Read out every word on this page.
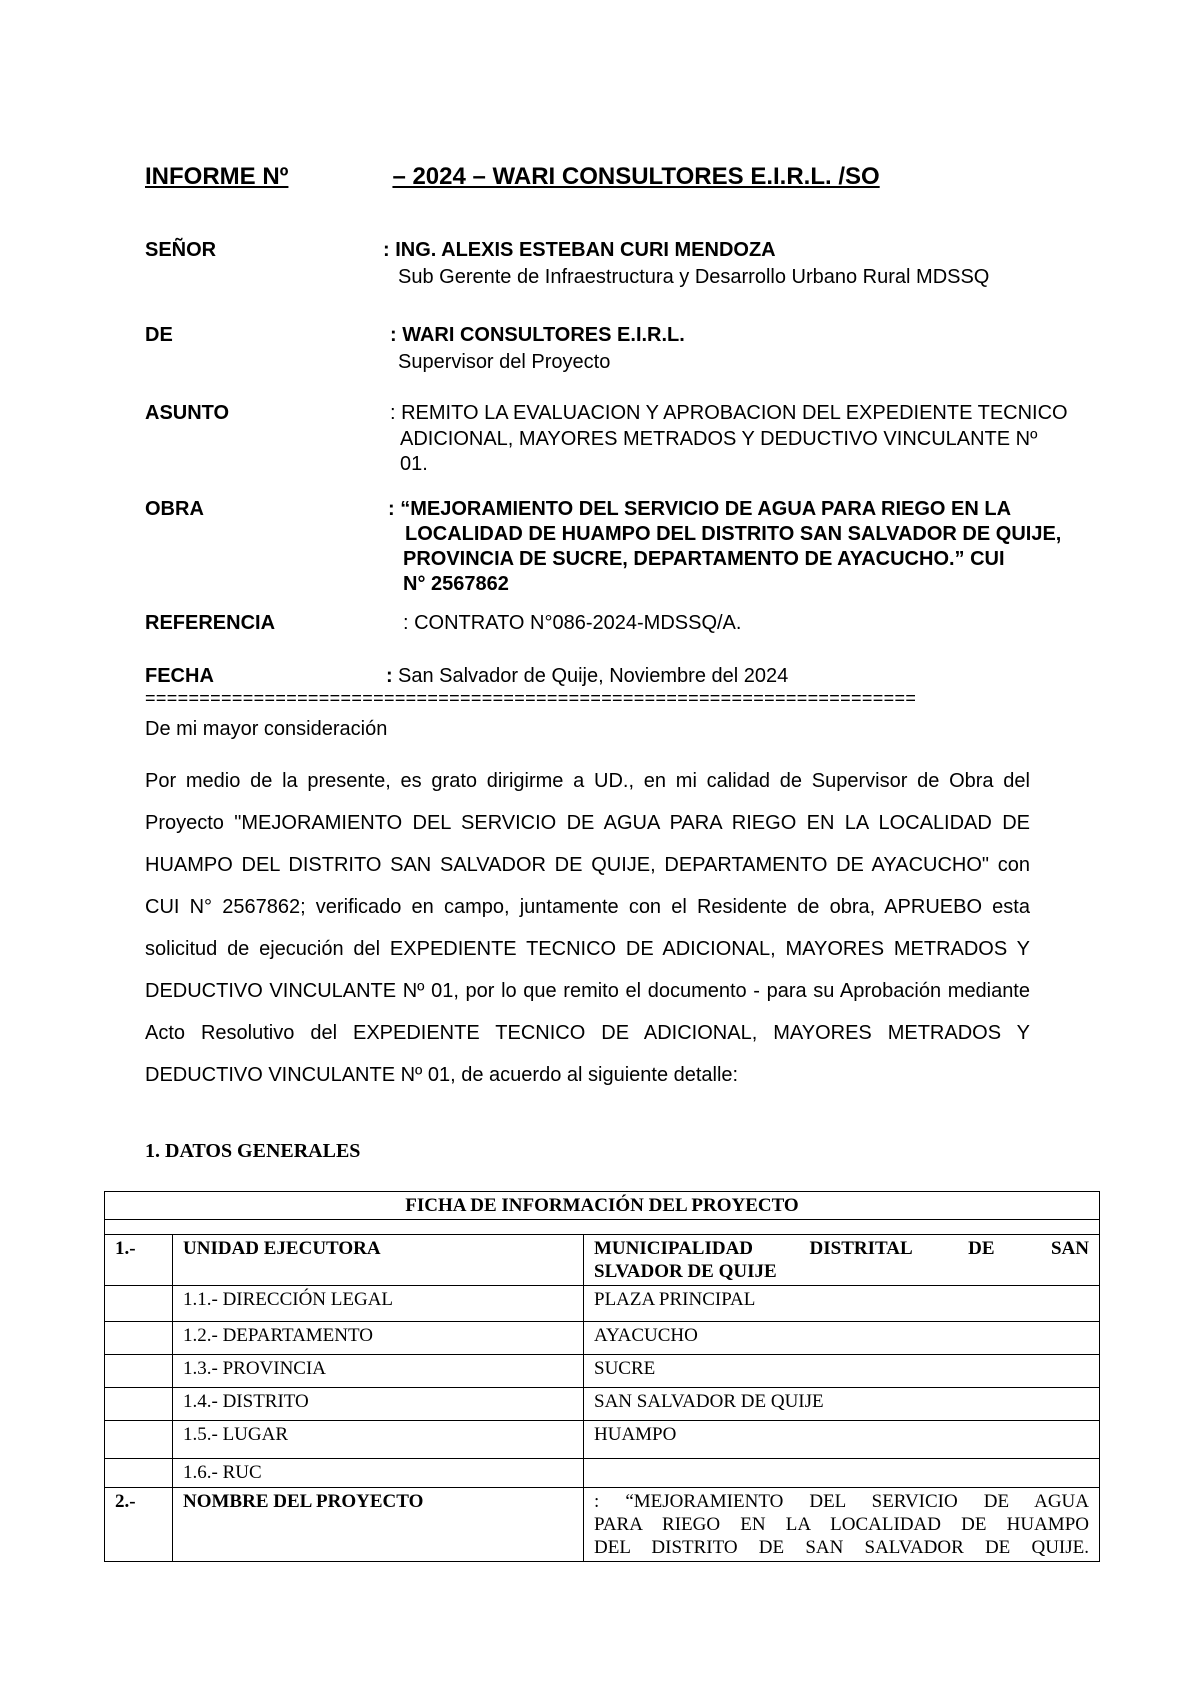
INFORME Nº	– 2024 – WARI CONSULTORES E.I.R.L. /SO
SEÑOR	: ING. ALEXIS ESTEBAN CURI MENDOZA
Sub Gerente de Infraestructura y Desarrollo Urbano Rural MDSSQ
DE	: WARI CONSULTORES E.I.R.L.
Supervisor del Proyecto
ASUNTO	: REMITO LA EVALUACION Y APROBACION DEL EXPEDIENTE TECNICO
ADICIONAL, MAYORES METRADOS Y DEDUCTIVO VINCULANTE Nº
01.
OBRA	: “MEJORAMIENTO DEL SERVICIO DE AGUA PARA RIEGO EN LA
LOCALIDAD DE HUAMPO DEL DISTRITO SAN SALVADOR DE QUIJE,
PROVINCIA DE SUCRE, DEPARTAMENTO DE AYACUCHO.” CUI
N° 2567862
REFERENCIA	: CONTRATO N°086-2024-MDSSQ/A.
FECHA	: San Salvador de Quije, Noviembre del 2024
=======================================================================
De mi mayor consideración
Por medio de la presente, es grato dirigirme a UD., en mi calidad de Supervisor de Obra del
Proyecto "MEJORAMIENTO DEL SERVICIO DE AGUA PARA RIEGO EN LA LOCALIDAD DE
HUAMPO DEL DISTRITO SAN SALVADOR DE QUIJE, DEPARTAMENTO DE AYACUCHO" con
CUI N° 2567862; verificado en campo, juntamente con el Residente de obra, APRUEBO esta
solicitud de ejecución del EXPEDIENTE TECNICO DE ADICIONAL, MAYORES METRADOS Y
DEDUCTIVO VINCULANTE Nº 01, por lo que remito el documento - para su Aprobación mediante
Acto Resolutivo del EXPEDIENTE TECNICO DE ADICIONAL, MAYORES METRADOS Y
DEDUCTIVO VINCULANTE Nº 01, de acuerdo al siguiente detalle:
1. DATOS GENERALES
FICHA DE INFORMACIÓN DEL PROYECTO		

1.-	UNIDAD EJECUTORA	MUNICIPALIDAD DISTRITAL DE SAN
SLVADOR DE QUIJE

	1.1.- DIRECCIÓN LEGAL	PLAZA PRINCIPAL
	1.2.- DEPARTAMENTO	AYACUCHO
	1.3.- PROVINCIA	SUCRE
	1.4.- DISTRITO	SAN SALVADOR DE QUIJE
	1.5.- LUGAR	HUAMPO
	1.6.- RUC	
2.-	NOMBRE DEL PROYECTO	: “MEJORAMIENTO DEL SERVICIO DE AGUA
PARA RIEGO EN LA LOCALIDAD DE HUAMPO
DEL DISTRITO DE SAN SALVADOR DE QUIJE.
